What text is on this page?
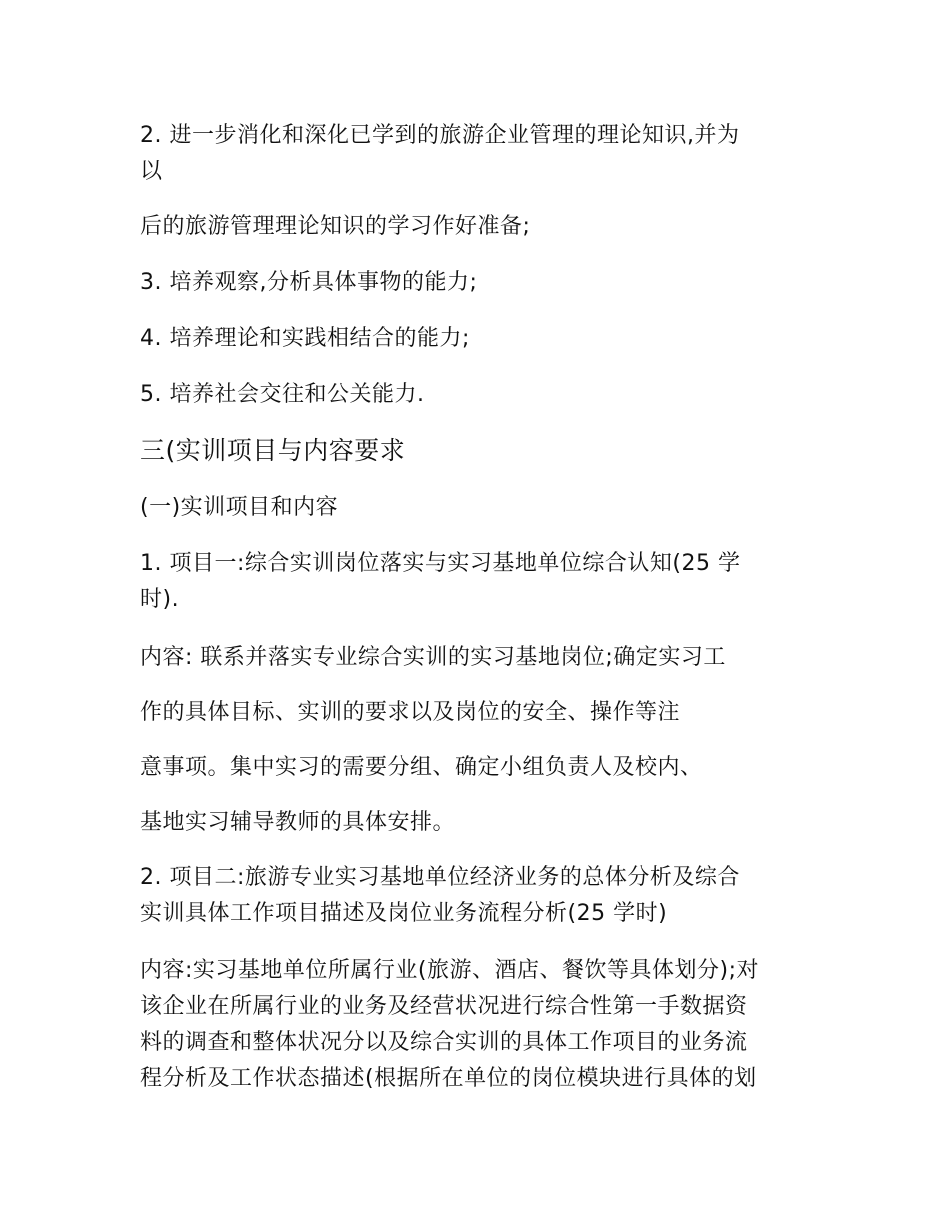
2. 进一步消化和深化已学到的旅游企业管理的理论知识,并为

以

后的旅游管理理论知识的学习作好准备;

3. 培养观察,分析具体事物的能力;

4. 培养理论和实践相结合的能力;

5. 培养社会交往和公关能力.

三(实训项目与内容要求

(一)实训项目和内容

1. 项目一:综合实训岗位落实与实习基地单位综合认知(25 学

时).

内容: 联系并落实专业综合实训的实习基地岗位;确定实习工

作的具体目标、实训的要求以及岗位的安全、操作等注

意事项。集中实习的需要分组、确定小组负责人及校内、

基地实习辅导教师的具体安排。

2. 项目二:旅游专业实习基地单位经济业务的总体分析及综合

实训具体工作项目描述及岗位业务流程分析(25 学时)

内容:实习基地单位所属行业(旅游、酒店、餐饮等具体划分);对

该企业在所属行业的业务及经营状况进行综合性第一手数据资

料的调查和整体状况分以及综合实训的具体工作项目的业务流

程分析及工作状态描述(根据所在单位的岗位模块进行具体的划
